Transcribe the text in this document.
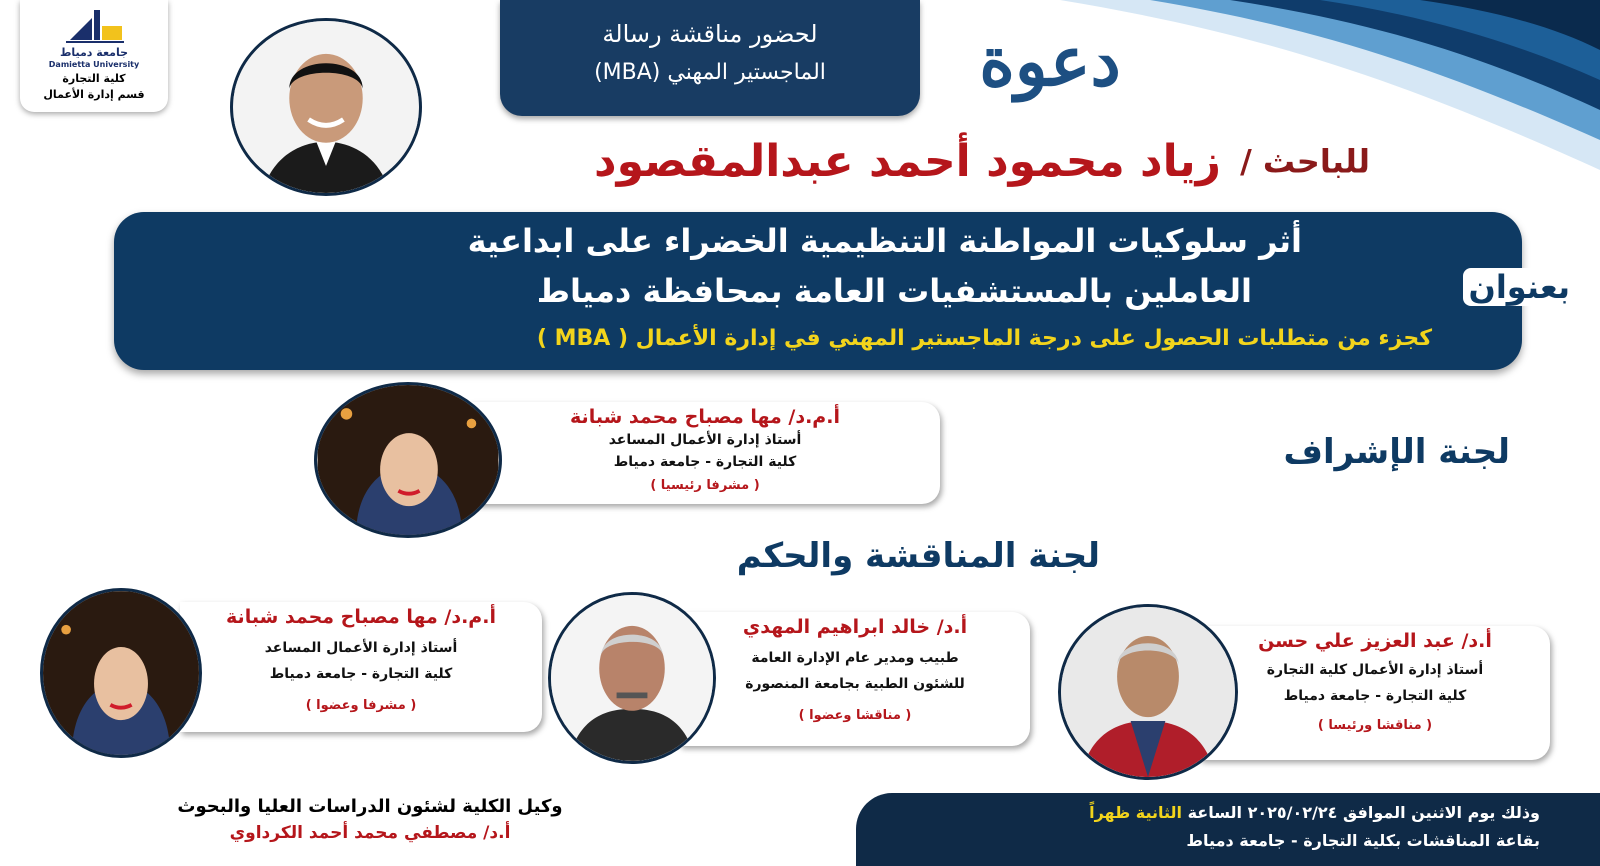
جامعة دمياط
Damietta University
كلية التجارة
قسم إدارة الأعمال
لحضور مناقشة رسالة
الماجستير المهني (MBA)	دعوة
للباحث / زياد محمود أحمد عبدالمقصود
أثر سلوكيات المواطنة التنظيمية الخضراء على ابداعية
العاملين بالمستشفيات العامة بمحافظة دمياط
كجزء من متطلبات الحصول على درجة الماجستير المهني في إدارة الأعمال ( MBA )
بعنوان
لجنة الإشراف
أ.م.د/ مها مصباح محمد شبانة
أستاذ إدارة الأعمال المساعد
كلية التجارة - جامعة دمياط
( مشرفا رئيسيا )
لجنة المناقشة والحكم
أ.د/ عبد العزيز علي حسن
أستاذ إدارة الأعمال كلية التجارة
كلية التجارة - جامعة دمياط
( مناقشا ورئيسا )
أ.د/ خالد ابراهيم المهدي
طبيب ومدير عام الإدارة العامة
للشئون الطبية بجامعة المنصورة
( مناقشا وعضوا )
أ.م.د/ مها مصباح محمد شبانة
أستاذ إدارة الأعمال المساعد
كلية التجارة - جامعة دمياط
( مشرفا وعضوا )
وكيل الكلية لشئون الدراسات العليا والبحوث
أ.د/ مصطفي محمد أحمد الكرداوي
وذلك يوم الاثنين الموافق ٢٠٢٥/٠٢/٢٤ الساعة الثانية ظهراً
بقاعة المناقشات بكلية التجارة - جامعة دمياط
